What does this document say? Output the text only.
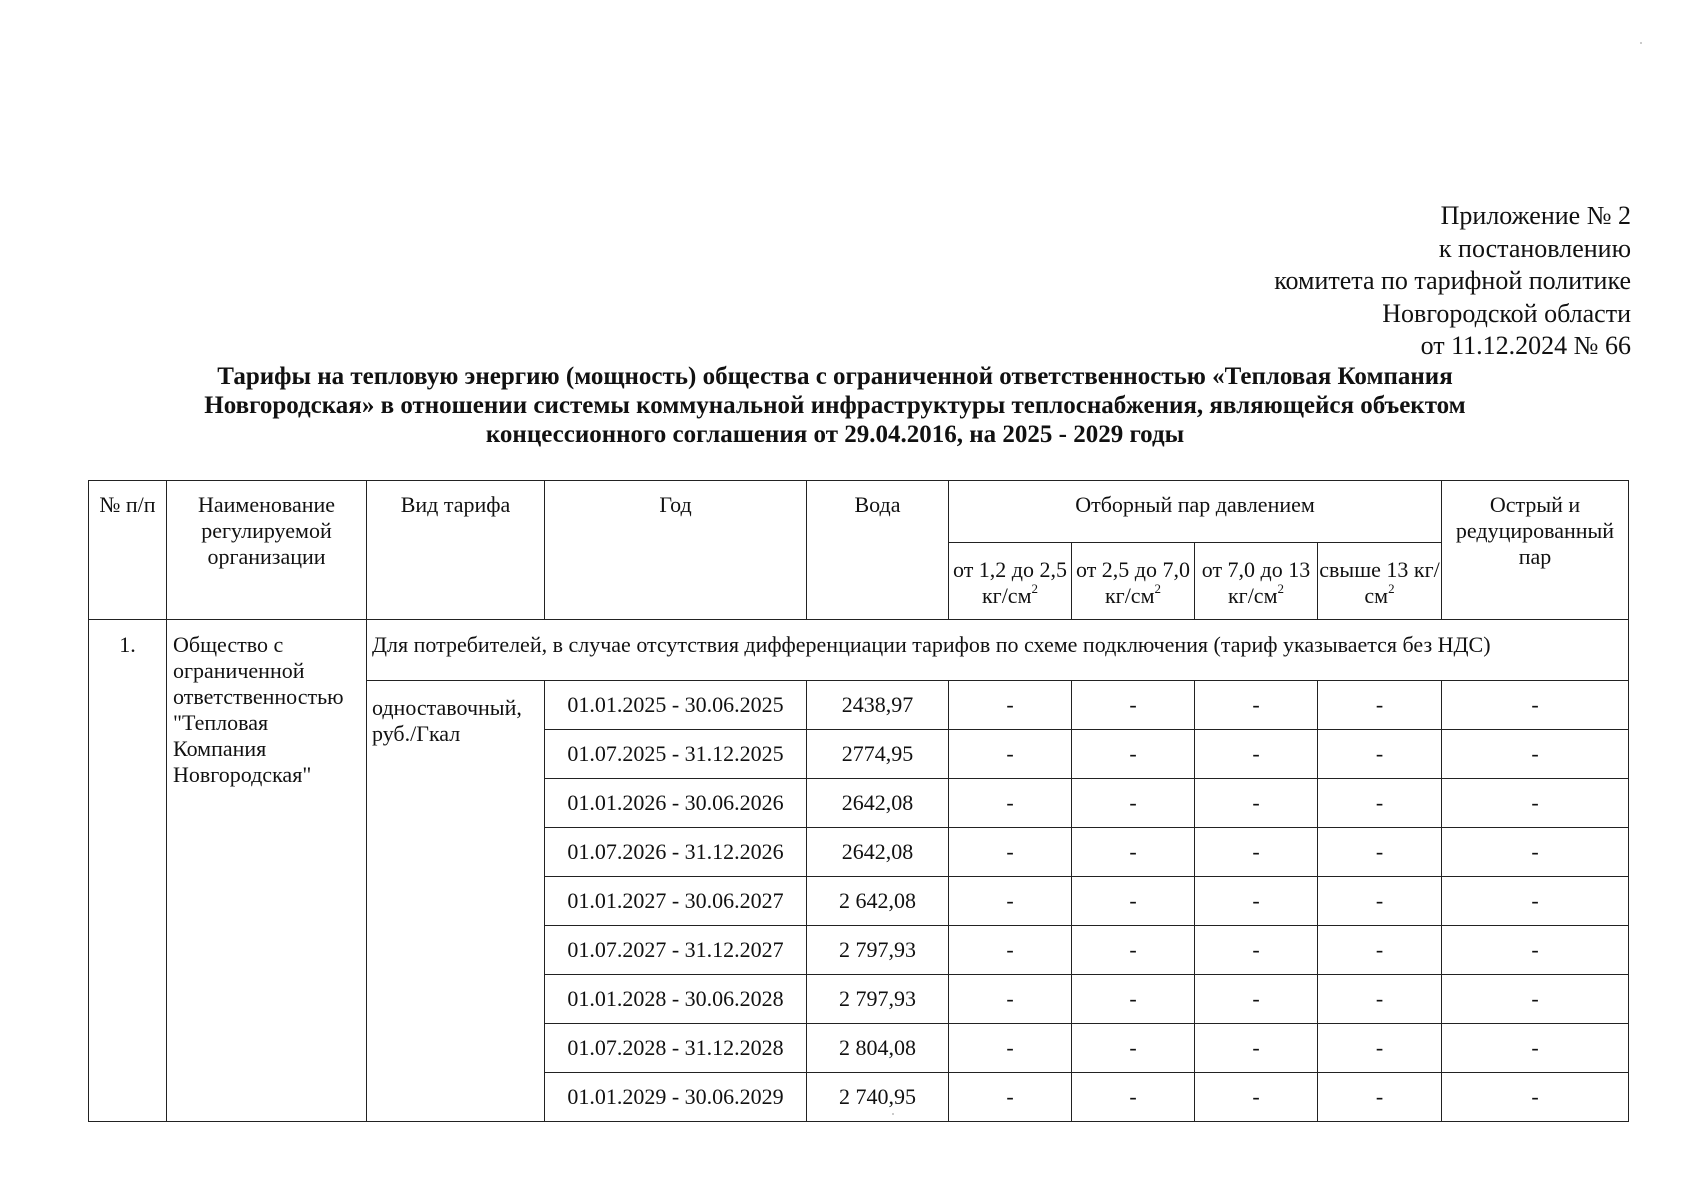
Приложение № 2
к постановлению
комитета по тарифной политике
Новгородской области
от 11.12.2024 № 66
Тарифы на тепловую энергию (мощность) общества с ограниченной ответственностью «Тепловая Компания
Новгородская» в отношении системы коммунальной инфраструктуры теплоснабжения, являющейся объектом
концессионного соглашения от 29.04.2016, на 2025 - 2029 годы
№ п/п	Наименование регулируемой организации	Вид тарифа	Год	Вода	Отборный пар давлением				Острый и редуцированный пар
					от 1,2 до 2,5 $кг/см^2$	от 2,5 до 7,0 $кг/см^2$	от 7,0 до 13 $кг/см^2$	свыше 13 $кг/см^2$
1.	Общество с ограниченной ответственностью "Тепловая Компания Новгородская"	Для потребителей, в случае отсутствия дифференциации тарифов по схеме подключения (тариф указывается без НДС)							
		одноставочный, руб./Гкал	01.01.2025 - 30.06.2025	2438,97	-	-	-	-	-
			01.07.2025 - 31.12.2025	2774,95	-	-	-	-	-
			01.01.2026 - 30.06.2026	2642,08	-	-	-	-	-
			01.07.2026 - 31.12.2026	2642,08	-	-	-	-	-
			01.01.2027 - 30.06.2027	2 642,08	-	-	-	-	-
			01.07.2027 - 31.12.2027	2 797,93	-	-	-	-	-
			01.01.2028 - 30.06.2028	2 797,93	-	-	-	-	-
			01.07.2028 - 31.12.2028	2 804,08	-	-	-	-	-
			01.01.2029 - 30.06.2029	2 740,95	-	-	-	-	-
